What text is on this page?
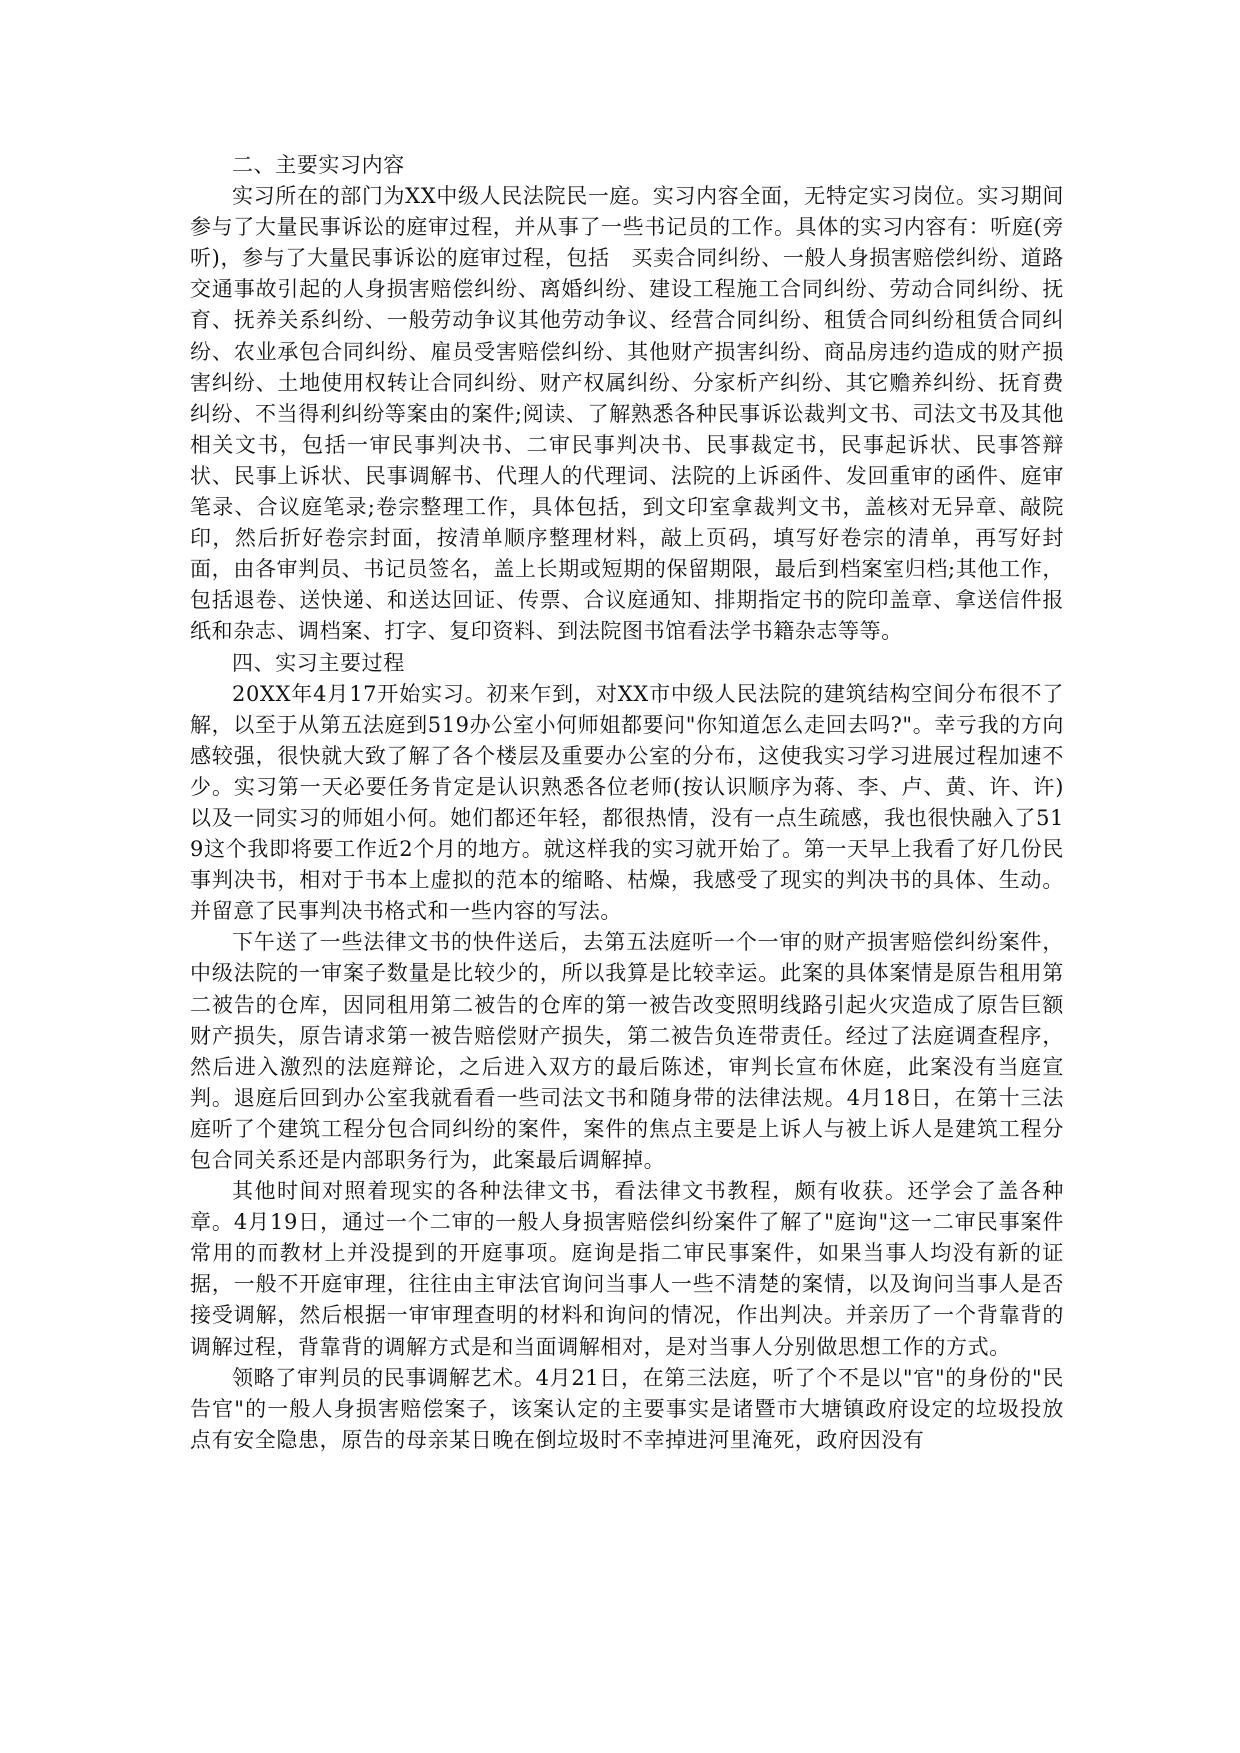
二、主要实习内容

实习所在的部门为XX中级人民法院民一庭。实习内容全面，无特定实习岗位。实习期间参与了大量民事诉讼的庭审过程，并从事了一些书记员的工作。具体的实习内容有：听庭(旁听)，参与了大量民事诉讼的庭审过程，包括　买卖合同纠纷、一般人身损害赔偿纠纷、道路交通事故引起的人身损害赔偿纠纷、离婚纠纷、建设工程施工合同纠纷、劳动合同纠纷、抚育、抚养关系纠纷、一般劳动争议其他劳动争议、经营合同纠纷、租赁合同纠纷租赁合同纠纷、农业承包合同纠纷、雇员受害赔偿纠纷、其他财产损害纠纷、商品房违约造成的财产损害纠纷、土地使用权转让合同纠纷、财产权属纠纷、分家析产纠纷、其它赡养纠纷、抚育费纠纷、不当得利纠纷等案由的案件;阅读、了解熟悉各种民事诉讼裁判文书、司法文书及其他相关文书，包括一审民事判决书、二审民事判决书、民事裁定书，民事起诉状、民事答辩状、民事上诉状、民事调解书、代理人的代理词、法院的上诉函件、发回重审的函件、庭审笔录、合议庭笔录;卷宗整理工作，具体包括，到文印室拿裁判文书，盖核对无异章、敲院印，然后折好卷宗封面，按清单顺序整理材料，敲上页码，填写好卷宗的清单，再写好封面，由各审判员、书记员签名，盖上长期或短期的保留期限，最后到档案室归档;其他工作，包括退卷、送快递、和送达回证、传票、合议庭通知、排期指定书的院印盖章、拿送信件报纸和杂志、调档案、打字、复印资料、到法院图书馆看法学书籍杂志等等。

四、实习主要过程

20XX年4月17开始实习。初来乍到，对XX市中级人民法院的建筑结构空间分布很不了解，以至于从第五法庭到519办公室小何师姐都要问"你知道怎么走回去吗?"。幸亏我的方向感较强，很快就大致了解了各个楼层及重要办公室的分布，这使我实习学习进展过程加速不少。实习第一天必要任务肯定是认识熟悉各位老师(按认识顺序为蒋、李、卢、黄、许、许)以及一同实习的师姐小何。她们都还年轻，都很热情，没有一点生疏感，我也很快融入了519这个我即将要工作近2个月的地方。就这样我的实习就开始了。第一天早上我看了好几份民事判决书，相对于书本上虚拟的范本的缩略、枯燥，我感受了现实的判决书的具体、生动。并留意了民事判决书格式和一些内容的写法。

下午送了一些法律文书的快件送后，去第五法庭听一个一审的财产损害赔偿纠纷案件，中级法院的一审案子数量是比较少的，所以我算是比较幸运。此案的具体案情是原告租用第二被告的仓库，因同租用第二被告的仓库的第一被告改变照明线路引起火灾造成了原告巨额财产损失，原告请求第一被告赔偿财产损失，第二被告负连带责任。经过了法庭调查程序，然后进入激烈的法庭辩论，之后进入双方的最后陈述，审判长宣布休庭，此案没有当庭宣判。退庭后回到办公室我就看看一些司法文书和随身带的法律法规。4月18日，在第十三法庭听了个建筑工程分包合同纠纷的案件，案件的焦点主要是上诉人与被上诉人是建筑工程分包合同关系还是内部职务行为，此案最后调解掉。

其他时间对照着现实的各种法律文书，看法律文书教程，颇有收获。还学会了盖各种章。4月19日，通过一个二审的一般人身损害赔偿纠纷案件了解了"庭询"这一二审民事案件常用的而教材上并没提到的开庭事项。庭询是指二审民事案件，如果当事人均没有新的证据，一般不开庭审理，往往由主审法官询问当事人一些不清楚的案情，以及询问当事人是否接受调解，然后根据一审审理查明的材料和询问的情况，作出判决。并亲历了一个背靠背的调解过程，背靠背的调解方式是和当面调解相对，是对当事人分别做思想工作的方式。

领略了审判员的民事调解艺术。4月21日，在第三法庭，听了个不是以"官"的身份的"民告官"的一般人身损害赔偿案子，该案认定的主要事实是诸暨市大塘镇政府设定的垃圾投放点有安全隐患，原告的母亲某日晚在倒垃圾时不幸掉进河里淹死，政府因没有
